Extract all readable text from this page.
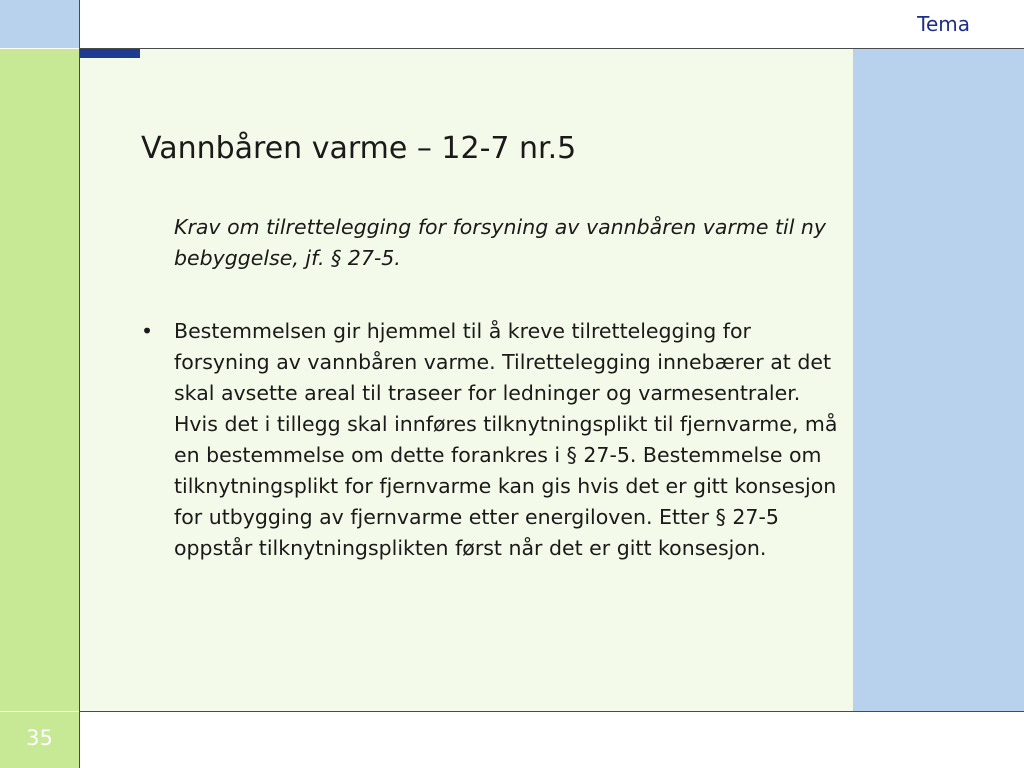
Tema
35
Vannbåren varme – 12-7 nr.5
Krav om tilrettelegging for forsyning av vannbåren varme til ny bebyggelse, jf. § 27-5.
• Bestemmelsen gir hjemmel til å kreve tilrettelegging for forsyning av vannbåren varme. Tilrettelegging innebærer at det skal avsette areal til traseer for ledninger og varmesentraler. Hvis det i tillegg skal innføres tilknytningsplikt til fjernvarme, må en bestemmelse om dette forankres i § 27-5. Bestemmelse om tilknytningsplikt for fjernvarme kan gis hvis det er gitt konsesjon for utbygging av fjernvarme etter energiloven. Etter § 27-5 oppstår tilknytningsplikten først når det er gitt konsesjon.
